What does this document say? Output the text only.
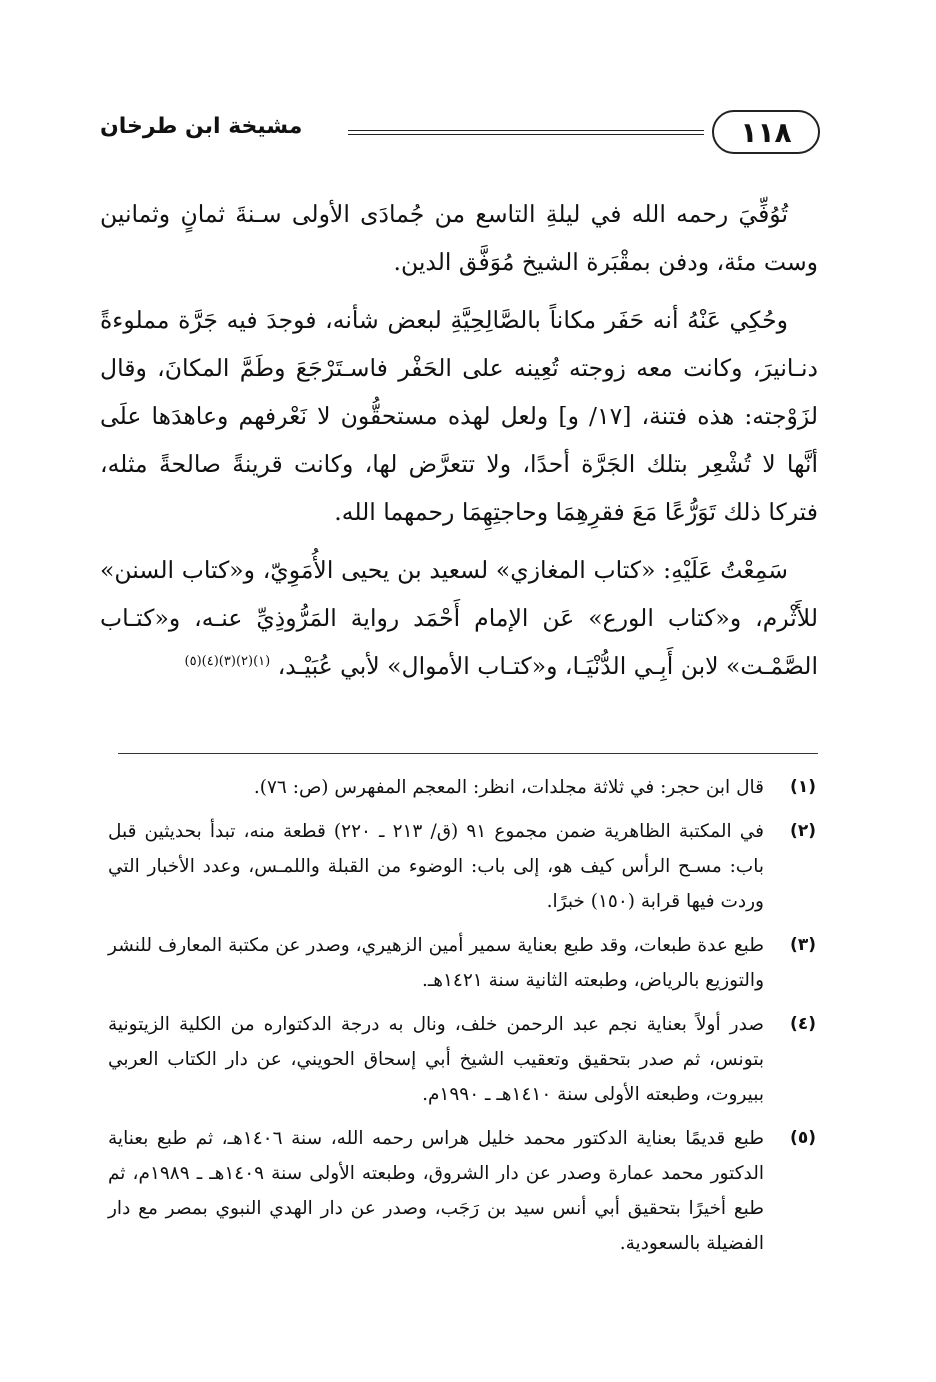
١١٨
مشيخة ابن طرخان

تُوُفِّيَ رحمه الله في ليلةِ التاسع من جُمادَى الأولى سـنةَ ثمانٍ وثمانين وست مئة، ودفن بمقْبَرة الشيخ مُوَفَّق الدين.

وحُكِي عَنْهُ أنه حَفَر مكاناً بالصَّالِحِيَّةِ لبعض شأنه، فوجدَ فيه جَرَّة مملوءةً دنـانيرَ، وكانت معه زوجته تُعِينه على الحَفْر فاسـتَرْجَعَ وطَمَّ المكانَ، وقال لزَوْجته: هذه فتنة، [١٧/ و] ولعل لهذه مستحقُّون لا نَعْرفهم وعاهدَها علَى أنَّها لا تُشْعِر بتلك الجَرَّة أحدًا، ولا تتعرَّض لها، وكانت قرينةً صالحةً مثله، فتركا ذلك تَوَرُّعًا مَعَ فقرِهِمَا وحاجتِهِمَا رحمهما الله.

سَمِعْتُ عَلَيْهِ: «كتاب المغازي» لسعيد بن يحيى الأُمَوِيّ، و«كتاب السنن» للأَثْرم، و«كتاب الورع» عَن الإمام أَحْمَد رواية المَرُّوذِيِّ عنـه، و«كتـاب الصَّمْـت» لابن أَبِـي الدُّنْيَـا، و«كتـاب الأموال» لأبي عُبَيْـد، $^{(١)(٢)(٣)(٤)(٥)}$

(١)
قال ابن حجر: في ثلاثة مجلدات، انظر: المعجم المفهرس (ص: ٧٦).
(٢)
في المكتبة الظاهرية ضمن مجموع ٩١ (ق/ ٢١٣ ـ ٢٢٠) قطعة منه، تبدأ بحديثين قبل باب: مسـح الرأس كيف هو، إلى باب: الوضوء من القبلة واللمـس، وعدد الأخبار التي وردت فيها قرابة (١٥٠) خبرًا.
(٣)
طبع عدة طبعات، وقد طبع بعناية سمير أمين الزهيري، وصدر عن مكتبة المعارف للنشر والتوزيع بالرياض، وطبعته الثانية سنة ١٤٢١هـ.
(٤)
صدر أولاً بعناية نجم عبد الرحمن خلف، ونال به درجة الدكتواره من الكلية الزيتونية بتونس، ثم صدر بتحقيق وتعقيب الشيخ أبي إسحاق الحويني، عن دار الكتاب العربي ببيروت، وطبعته الأولى سنة ١٤١٠هـ ـ ١٩٩٠م.
(٥)
طبع قديمًا بعناية الدكتور محمد خليل هراس رحمه الله، سنة ١٤٠٦هـ، ثم طبع بعناية الدكتور محمد عمارة وصدر عن دار الشروق، وطبعته الأولى سنة ١٤٠٩هـ ـ ١٩٨٩م، ثم طبع أخيرًا بتحقيق أبي أنس سيد بن رَجَب، وصدر عن دار الهدي النبوي بمصر مع دار الفضيلة بالسعودية.
